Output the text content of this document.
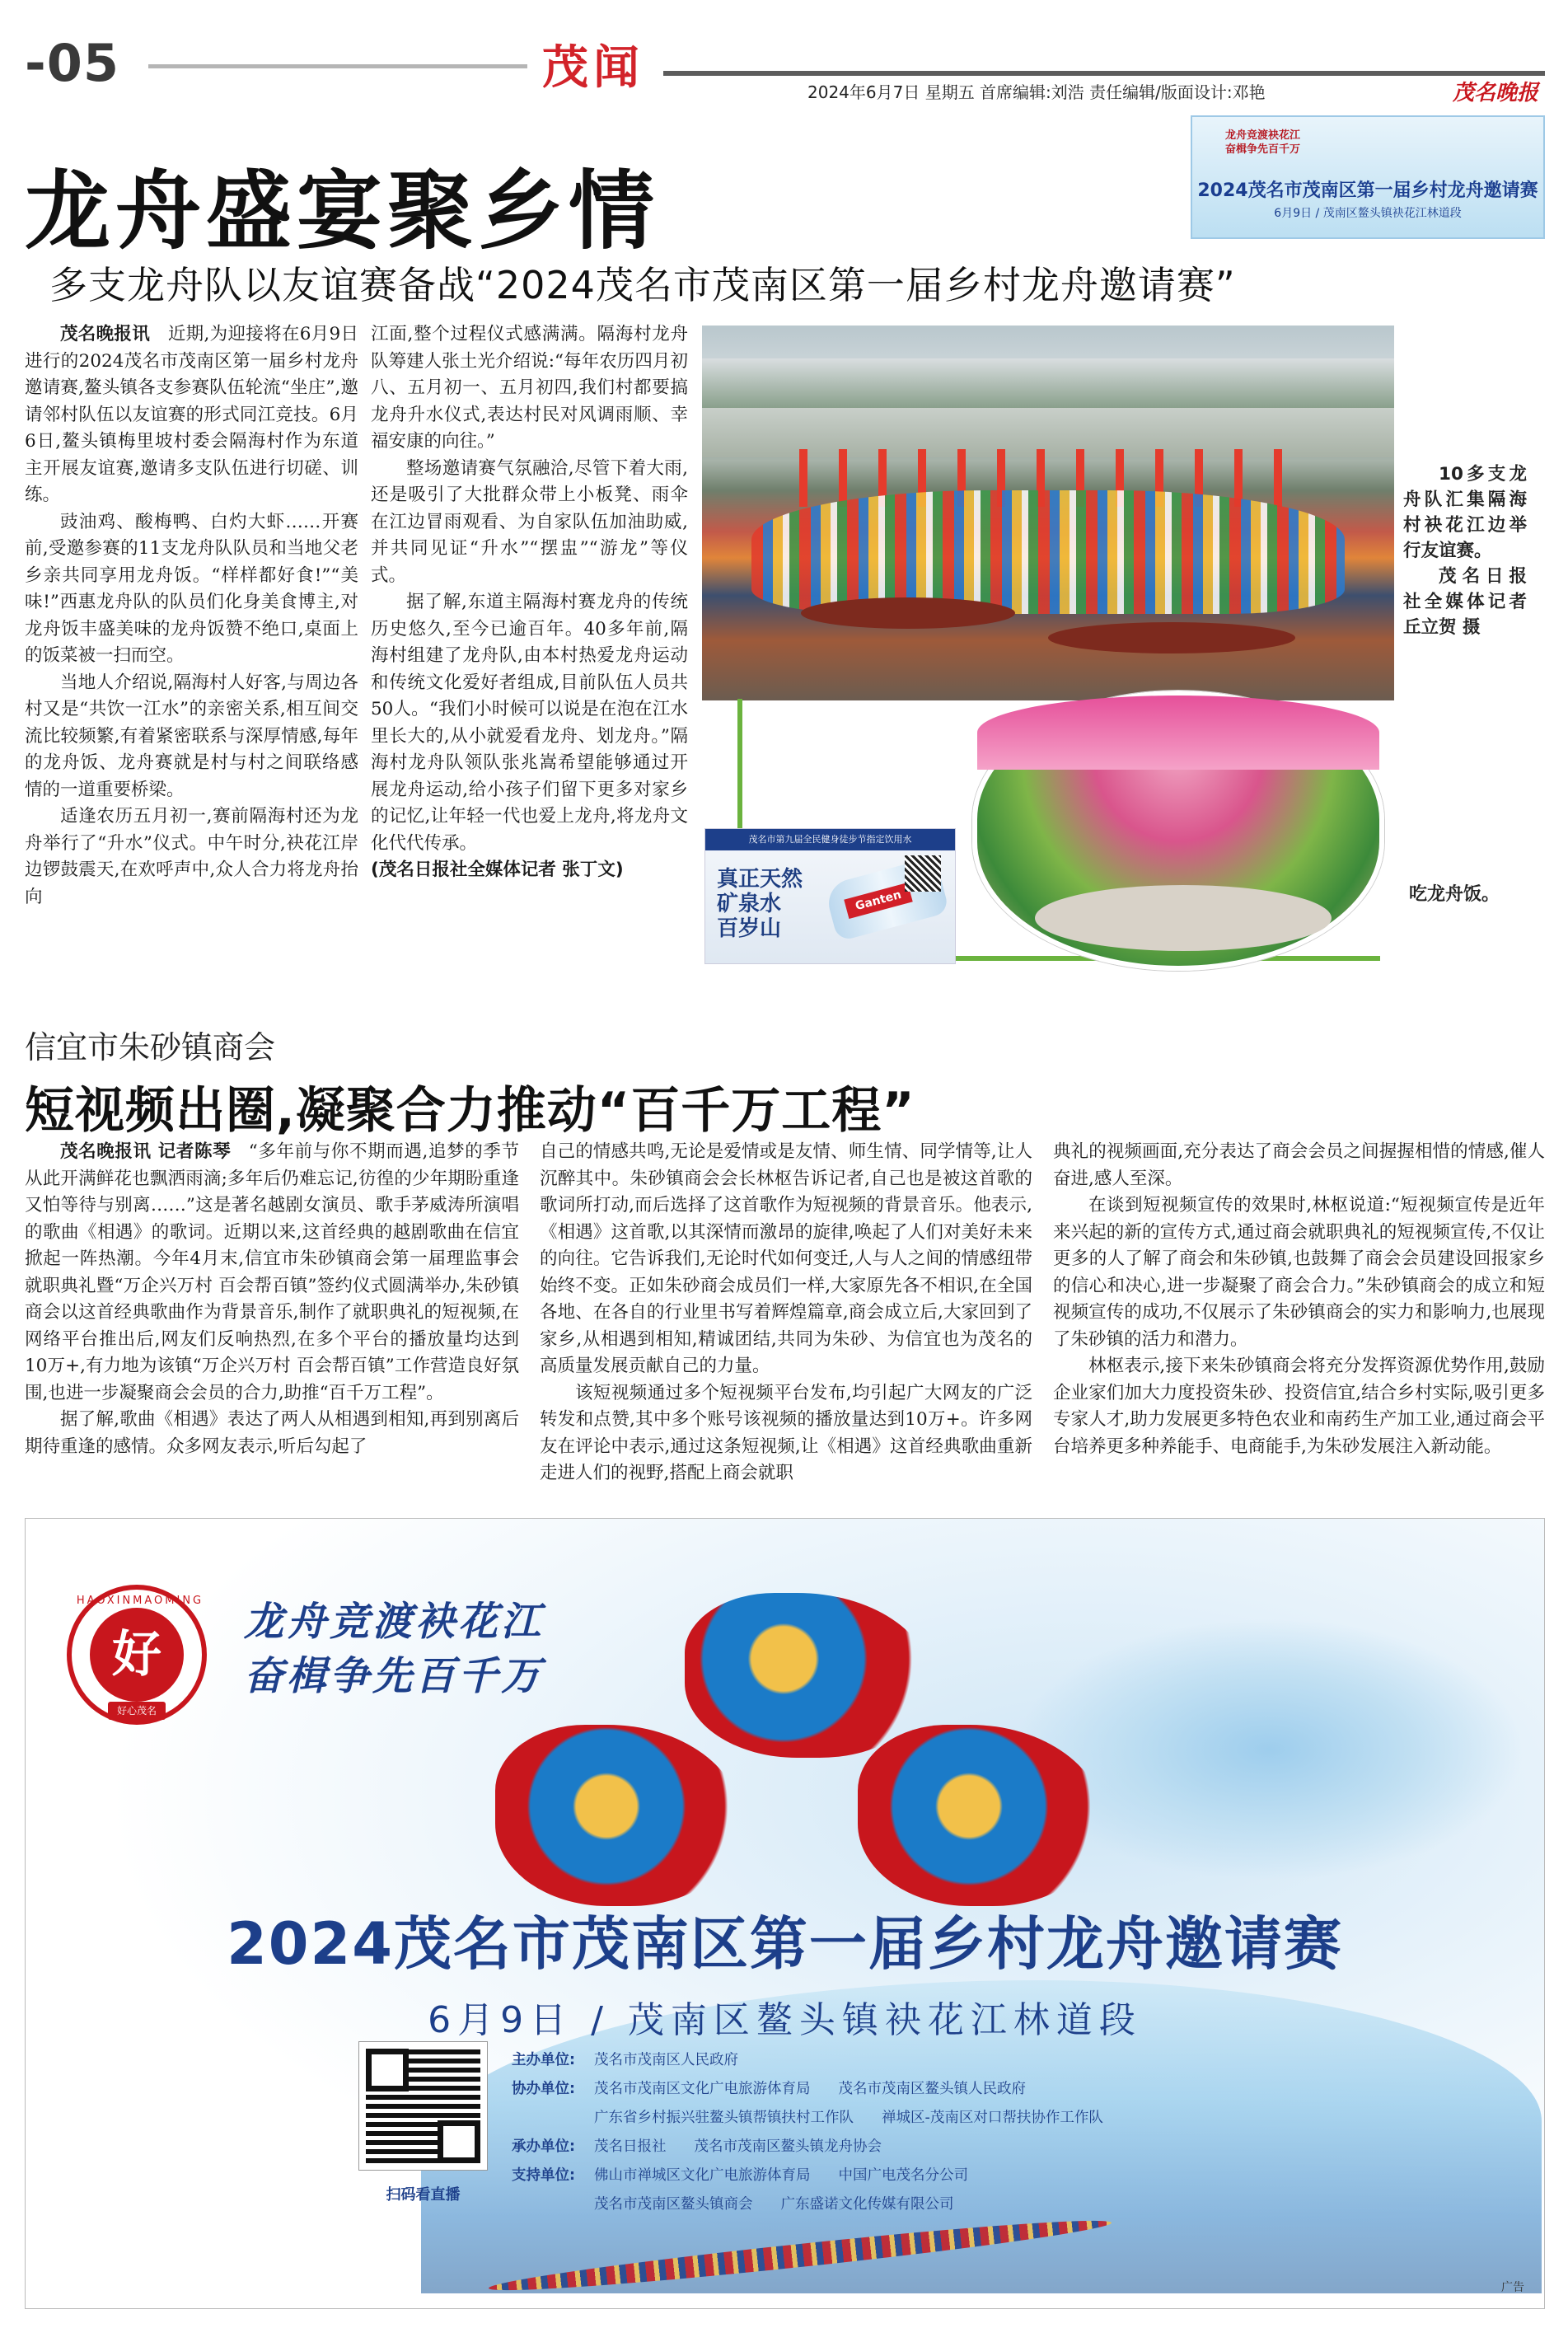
-05	茂闻	2024年6月7日 星期五 首席编辑:刘浩 责任编辑/版面设计:邓艳	茂名晚报
龙舟竞渡袂花江
奋楫争先百千万
2024茂名市茂南区第一届乡村龙舟邀请赛
6月9日 / 茂南区鳌头镇袂花江林道段
龙舟盛宴聚乡情
多支龙舟队以友谊赛备战“2024茂名市茂南区第一届乡村龙舟邀请赛”

茂名晚报讯  近期,为迎接将在6月9日进行的2024茂名市茂南区第一届乡村龙舟邀请赛,鳌头镇各支参赛队伍轮流“坐庄”,邀请邻村队伍以友谊赛的形式同江竞技。6月6日,鳌头镇梅里坡村委会隔海村作为东道主开展友谊赛,邀请多支队伍进行切磋、训练。

豉油鸡、酸梅鸭、白灼大虾……开赛前,受邀参赛的11支龙舟队队员和当地父老乡亲共同享用龙舟饭。“样样都好食!”“美味!”西惠龙舟队的队员们化身美食博主,对龙舟饭丰盛美味的龙舟饭赞不绝口,桌面上的饭菜被一扫而空。

当地人介绍说,隔海村人好客,与周边各村又是“共饮一江水”的亲密关系,相互间交流比较频繁,有着紧密联系与深厚情感,每年的龙舟饭、龙舟赛就是村与村之间联络感情的一道重要桥梁。

适逢农历五月初一,赛前隔海村还为龙舟举行了“升水”仪式。中午时分,袂花江岸边锣鼓震天,在欢呼声中,众人合力将龙舟抬向

江面,整个过程仪式感满满。隔海村龙舟队筹建人张土光介绍说:“每年农历四月初八、五月初一、五月初四,我们村都要搞龙舟升水仪式,表达村民对风调雨顺、幸福安康的向往。”

整场邀请赛气氛融洽,尽管下着大雨,还是吸引了大批群众带上小板凳、雨伞在江边冒雨观看、为自家队伍加油助威,并共同见证“升水”“摆盅”“游龙”等仪式。

据了解,东道主隔海村赛龙舟的传统历史悠久,至今已逾百年。40多年前,隔海村组建了龙舟队,由本村热爱龙舟运动和传统文化爱好者组成,目前队伍人员共50人。“我们小时候可以说是在泡在江水里长大的,从小就爱看龙舟、划龙舟。”隔海村龙舟队领队张兆嵩希望能够通过开展龙舟运动,给小孩子们留下更多对家乡的记忆,让年轻一代也爱上龙舟,将龙舟文化代代传承。

(茂名日报社全媒体记者 张丁文)

10多支龙舟队汇集隔海村袂花江边举行友谊赛。

茂名日报社全媒体记者 丘立贺 摄

吃龙舟饭。
茂名市第九届全民健身徒步节指定饮用水
真正天然
矿泉水
百岁山
Ganten
信宜市朱砂镇商会
短视频出圈,凝聚合力推动“百千万工程”

茂名晚报讯 记者陈琴  “多年前与你不期而遇,追梦的季节从此开满鲜花也飘洒雨滴;多年后仍难忘记,彷徨的少年期盼重逢又怕等待与别离……”这是著名越剧女演员、歌手茅威涛所演唱的歌曲《相遇》的歌词。近期以来,这首经典的越剧歌曲在信宜掀起一阵热潮。今年4月末,信宜市朱砂镇商会第一届理监事会就职典礼暨“万企兴万村 百会帮百镇”签约仪式圆满举办,朱砂镇商会以这首经典歌曲作为背景音乐,制作了就职典礼的短视频,在网络平台推出后,网友们反响热烈,在多个平台的播放量均达到10万+,有力地为该镇“万企兴万村 百会帮百镇”工作营造良好氛围,也进一步凝聚商会会员的合力,助推“百千万工程”。

据了解,歌曲《相遇》表达了两人从相遇到相知,再到别离后期待重逢的感情。众多网友表示,听后勾起了

自己的情感共鸣,无论是爱情或是友情、师生情、同学情等,让人沉醉其中。朱砂镇商会会长林枢告诉记者,自己也是被这首歌的歌词所打动,而后选择了这首歌作为短视频的背景音乐。他表示,《相遇》这首歌,以其深情而激昂的旋律,唤起了人们对美好未来的向往。它告诉我们,无论时代如何变迁,人与人之间的情感纽带始终不变。正如朱砂商会成员们一样,大家原先各不相识,在全国各地、在各自的行业里书写着辉煌篇章,商会成立后,大家回到了家乡,从相遇到相知,精诚团结,共同为朱砂、为信宜也为茂名的高质量发展贡献自己的力量。

该短视频通过多个短视频平台发布,均引起广大网友的广泛转发和点赞,其中多个账号该视频的播放量达到10万+。许多网友在评论中表示,通过这条短视频,让《相遇》这首经典歌曲重新走进人们的视野,搭配上商会就职

典礼的视频画面,充分表达了商会会员之间握握相惜的情感,催人奋进,感人至深。

在谈到短视频宣传的效果时,林枢说道:“短视频宣传是近年来兴起的新的宣传方式,通过商会就职典礼的短视频宣传,不仅让更多的人了解了商会和朱砂镇,也鼓舞了商会会员建设回报家乡的信心和决心,进一步凝聚了商会合力。”朱砂镇商会的成立和短视频宣传的成功,不仅展示了朱砂镇商会的实力和影响力,也展现了朱砂镇的活力和潜力。

林枢表示,接下来朱砂镇商会将充分发挥资源优势作用,鼓励企业家们加大力度投资朱砂、投资信宜,结合乡村实际,吸引更多专家人才,助力发展更多特色农业和南药生产加工业,通过商会平台培养更多种养能手、电商能手,为朱砂发展注入新动能。

HAOXINMAOMING
好
好心茂名
龙舟竞渡袂花江
奋楫争先百千万
2024茂名市茂南区第一届乡村龙舟邀请赛
6月9日 / 茂南区鳌头镇袂花江林道段
扫码看直播
主办单位:	茂名市茂南区人民政府
协办单位:	茂名市茂南区文化广电旅游体育局 茂名市茂南区鳌头镇人民政府
广东省乡村振兴驻鳌头镇帮镇扶村工作队 禅城区-茂南区对口帮扶协作工作队
承办单位:	茂名日报社 茂名市茂南区鳌头镇龙舟协会
支持单位:	佛山市禅城区文化广电旅游体育局 中国广电茂名分公司
茂名市茂南区鳌头镇商会 广东盛诺文化传媒有限公司
广告
